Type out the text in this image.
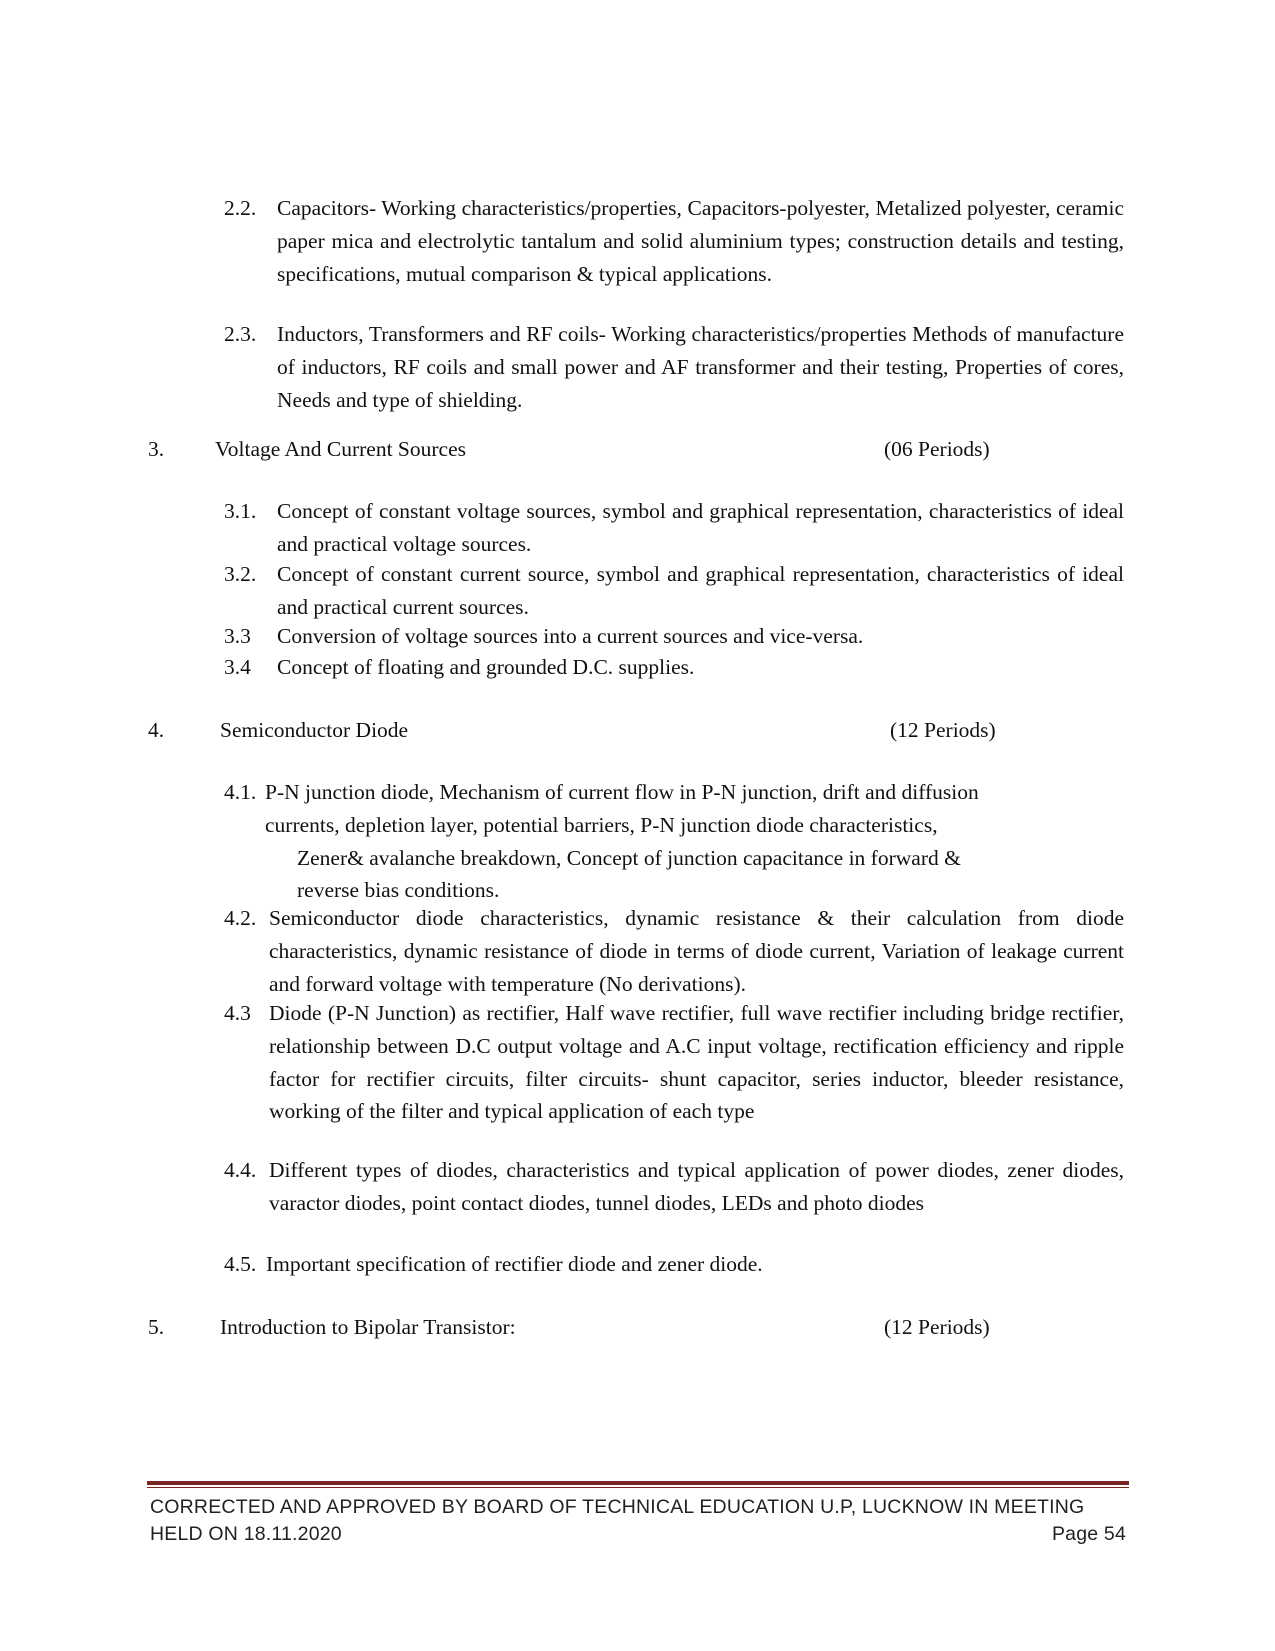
2.2. Capacitors- Working characteristics/properties, Capacitors-polyester, Metalized polyester, ceramic paper mica and electrolytic tantalum and solid aluminium types; construction details and testing, specifications, mutual comparison & typical applications.
2.3. Inductors, Transformers and RF coils- Working characteristics/properties Methods of manufacture of inductors, RF coils and small power and AF transformer and their testing, Properties of cores, Needs and type of shielding.
3. Voltage And Current Sources	(06 Periods)
3.1. Concept of constant voltage sources, symbol and graphical representation, characteristics of ideal and practical voltage sources.
3.2. Concept of constant current source, symbol and graphical representation, characteristics of ideal and practical current sources.
3.3	Conversion of voltage sources into a current sources and vice-versa.
3.4	Concept of floating and grounded D.C. supplies.
4.	Semiconductor Diode	(12 Periods)
4.1. P-N junction diode, Mechanism of current flow in P-N junction, drift and diffusion
currents, depletion layer, potential barriers, P-N junction diode characteristics,
Zener& avalanche breakdown, Concept of junction capacitance in forward &
reverse bias conditions.
4.2. Semiconductor diode characteristics, dynamic resistance & their calculation from diode characteristics, dynamic resistance of diode in terms of diode current, Variation of leakage current and forward voltage with temperature (No derivations).
4.3 Diode (P-N Junction) as rectifier, Half wave rectifier, full wave rectifier including bridge rectifier, relationship between D.C output voltage and A.C input voltage, rectification efficiency and ripple factor for rectifier circuits, filter circuits- shunt capacitor, series inductor, bleeder resistance, working of the filter and typical application of each type
4.4. Different types of diodes, characteristics and typical application of power diodes, zener diodes, varactor diodes, point contact diodes, tunnel diodes, LEDs and photo diodes
4.5. Important specification of rectifier diode and zener diode.
5.	Introduction to Bipolar Transistor:	(12 Periods)
CORRECTED AND APPROVED BY BOARD OF TECHNICAL EDUCATION U.P, LUCKNOW IN MEETING
HELD ON 18.11.2020	Page 54
